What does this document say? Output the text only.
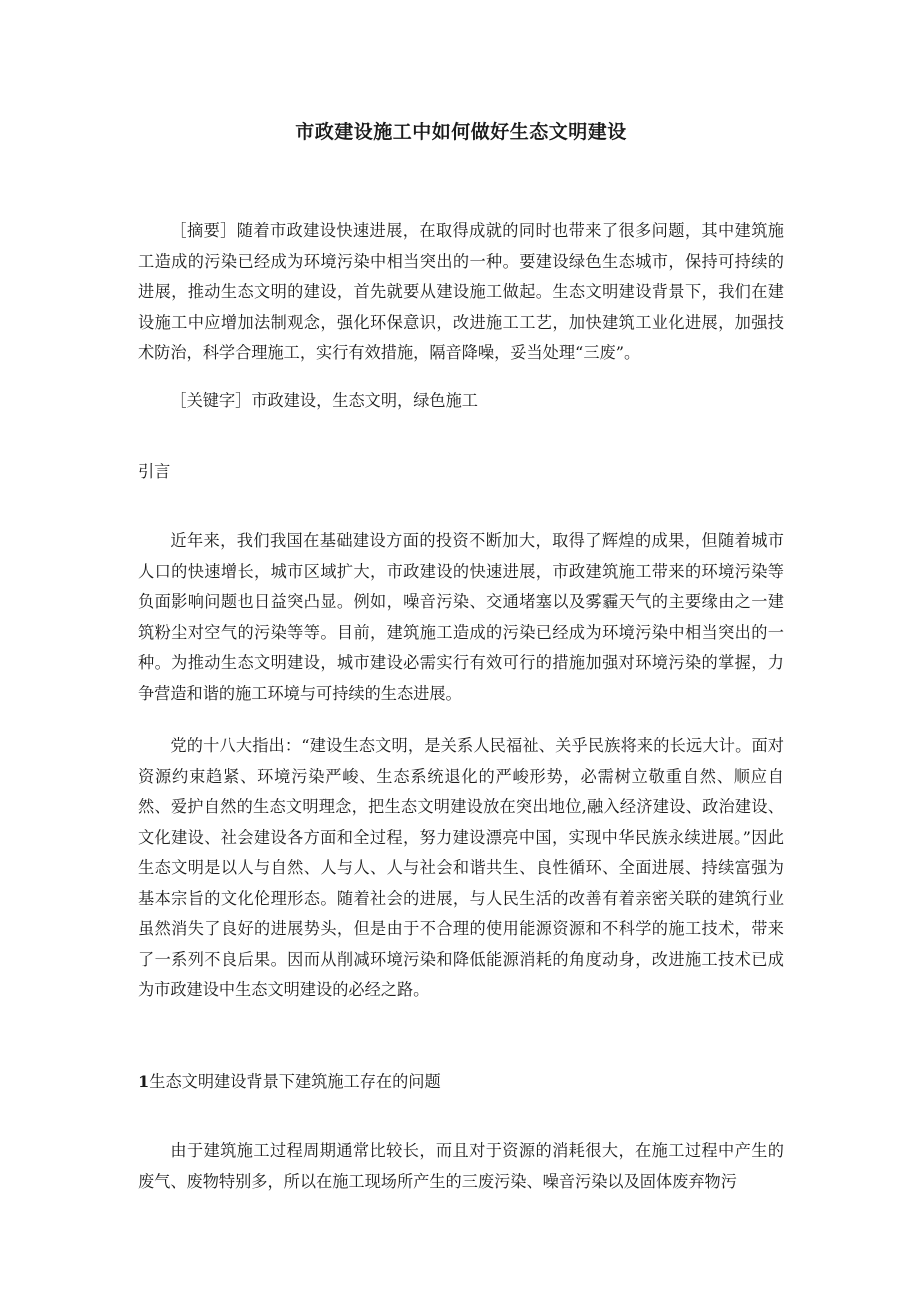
市政建设施工中如何做好生态文明建设

［摘要］随着市政建设快速进展，在取得成就的同时也带来了很多问题，其中建筑施工造成的污染已经成为环境污染中相当突出的一种。要建设绿色生态城市，保持可持续的进展，推动生态文明的建设，首先就要从建设施工做起。生态文明建设背景下，我们在建设施工中应增加法制观念，强化环保意识，改进施工工艺，加快建筑工业化进展，加强技术防治，科学合理施工，实行有效措施，隔音降噪，妥当处理“三废”。

［关键字］市政建设，生态文明，绿色施工

引言

近年来，我们我国在基础建设方面的投资不断加大，取得了辉煌的成果，但随着城市人口的快速增长，城市区域扩大，市政建设的快速进展，市政建筑施工带来的环境污染等负面影响问题也日益突凸显。例如，噪音污染、交通堵塞以及雾霾天气的主要缘由之一建筑粉尘对空气的污染等等。目前，建筑施工造成的污染已经成为环境污染中相当突出的一种。为推动生态文明建设，城市建设必需实行有效可行的措施加强对环境污染的掌握，力争营造和谐的施工环境与可持续的生态进展。

党的十八大指出：“建设生态文明，是关系人民福祉、关乎民族将来的长远大计。面对资源约束趋紧、环境污染严峻、生态系统退化的严峻形势，必需树立敬重自然、顺应自然、爱护自然的生态文明理念，把生态文明建设放在突出地位,融入经济建设、政治建设、文化建设、社会建设各方面和全过程，努力建设漂亮中国，实现中华民族永续进展。”因此生态文明是以人与自然、人与人、人与社会和谐共生、良性循环、全面进展、持续富强为基本宗旨的文化伦理形态。随着社会的进展，与人民生活的改善有着亲密关联的建筑行业虽然消失了良好的进展势头，但是由于不合理的使用能源资源和不科学的施工技术，带来了一系列不良后果。因而从削减环境污染和降低能源消耗的角度动身，改进施工技术已成为市政建设中生态文明建设的必经之路。

1生态文明建设背景下建筑施工存在的问题

由于建筑施工过程周期通常比较长，而且对于资源的消耗很大，在施工过程中产生的废气、废物特别多，所以在施工现场所产生的三废污染、噪音污染以及固体废弃物污
